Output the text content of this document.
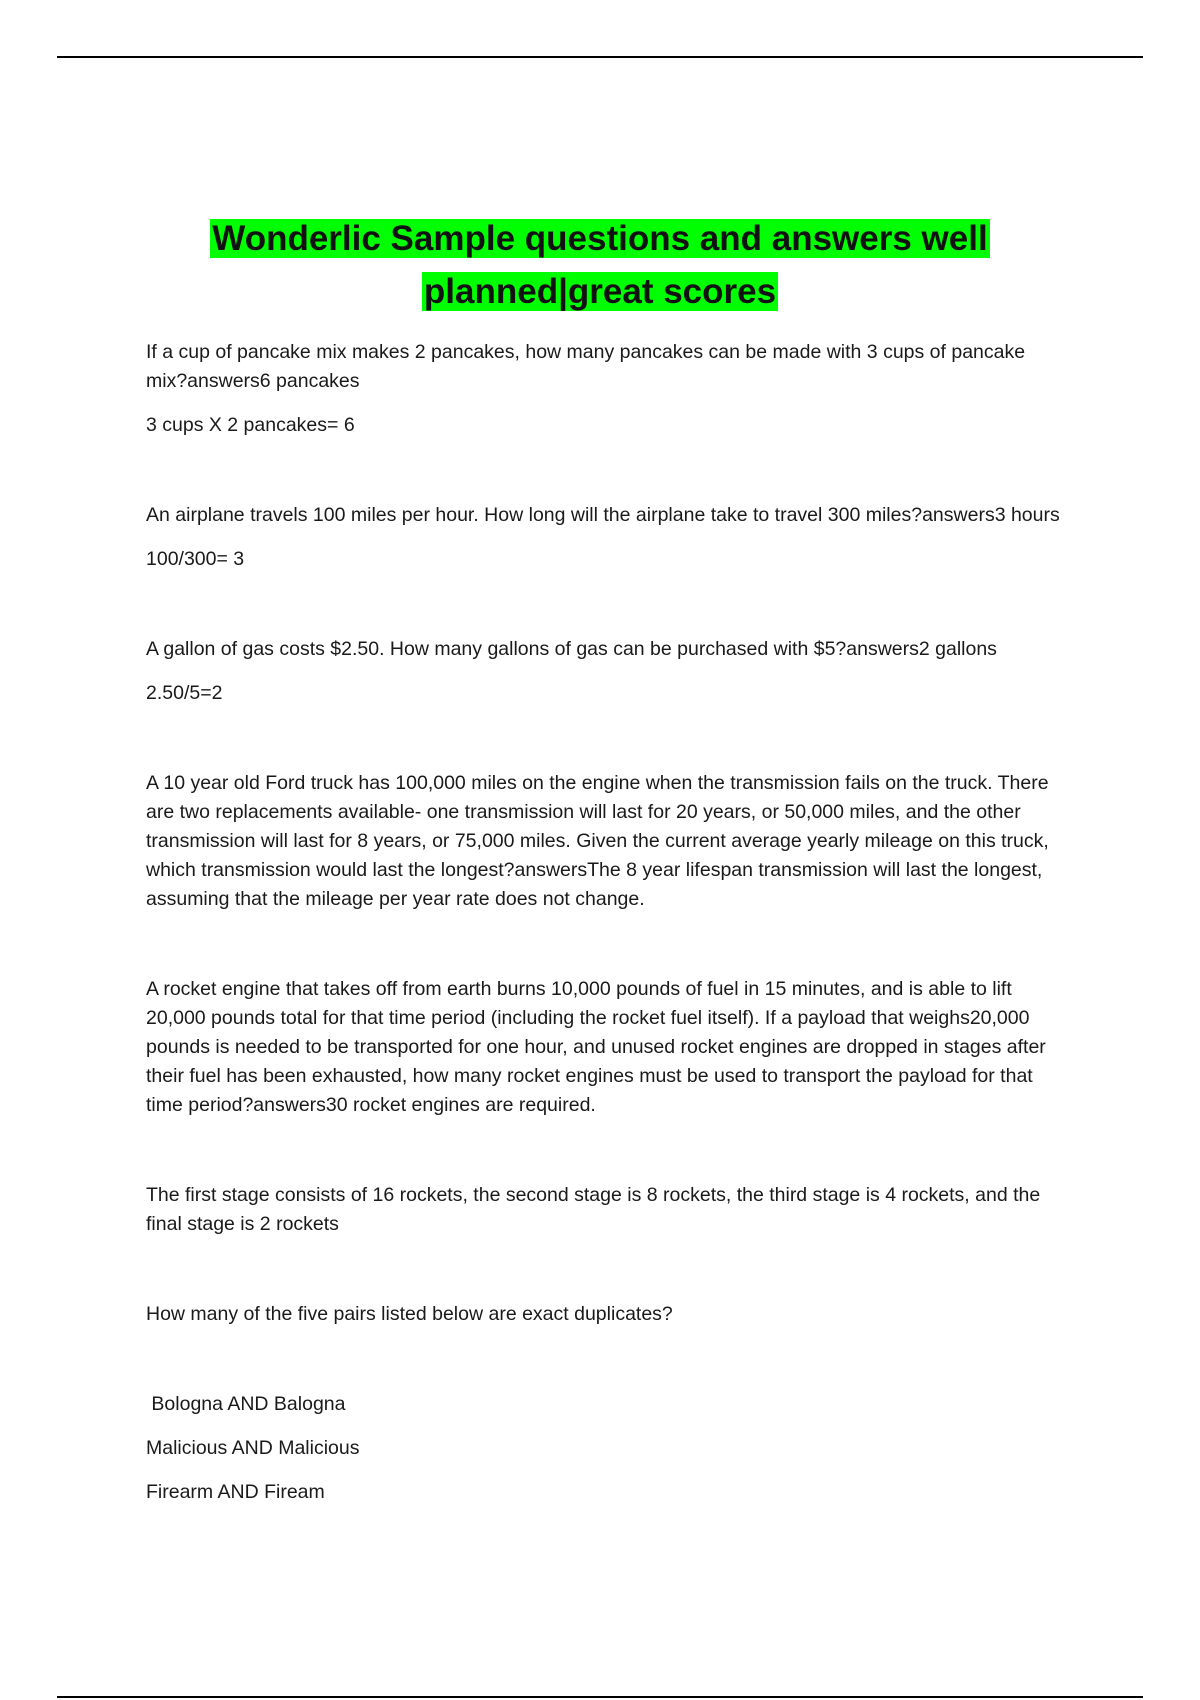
Wonderlic Sample questions and answers well
planned|great scores

If a cup of pancake mix makes 2 pancakes, how many pancakes can be made with 3 cups of pancake mix?answers6 pancakes

3 cups X 2 pancakes= 6

An airplane travels 100 miles per hour. How long will the airplane take to travel 300 miles?answers3 hours

100/300= 3

A gallon of gas costs $2.50. How many gallons of gas can be purchased with $5?answers2 gallons

2.50/5=2

A 10 year old Ford truck has 100,000 miles on the engine when the transmission fails on the truck. There are two replacements available- one transmission will last for 20 years, or 50,000 miles, and the other transmission will last for 8 years, or 75,000 miles. Given the current average yearly mileage on this truck, which transmission would last the longest?answersThe 8 year lifespan transmission will last the longest, assuming that the mileage per year rate does not change.

A rocket engine that takes off from earth burns 10,000 pounds of fuel in 15 minutes, and is able to lift 20,000 pounds total for that time period (including the rocket fuel itself). If a payload that weighs20,000 pounds is needed to be transported for one hour, and unused rocket engines are dropped in stages after their fuel has been exhausted, how many rocket engines must be used to transport the payload for that time period?answers30 rocket engines are required.

The first stage consists of 16 rockets, the second stage is 8 rockets, the third stage is 4 rockets, and the final stage is 2 rockets

How many of the five pairs listed below are exact duplicates?

Bologna AND Balogna

Malicious AND Malicious

Firearm AND Fiream
